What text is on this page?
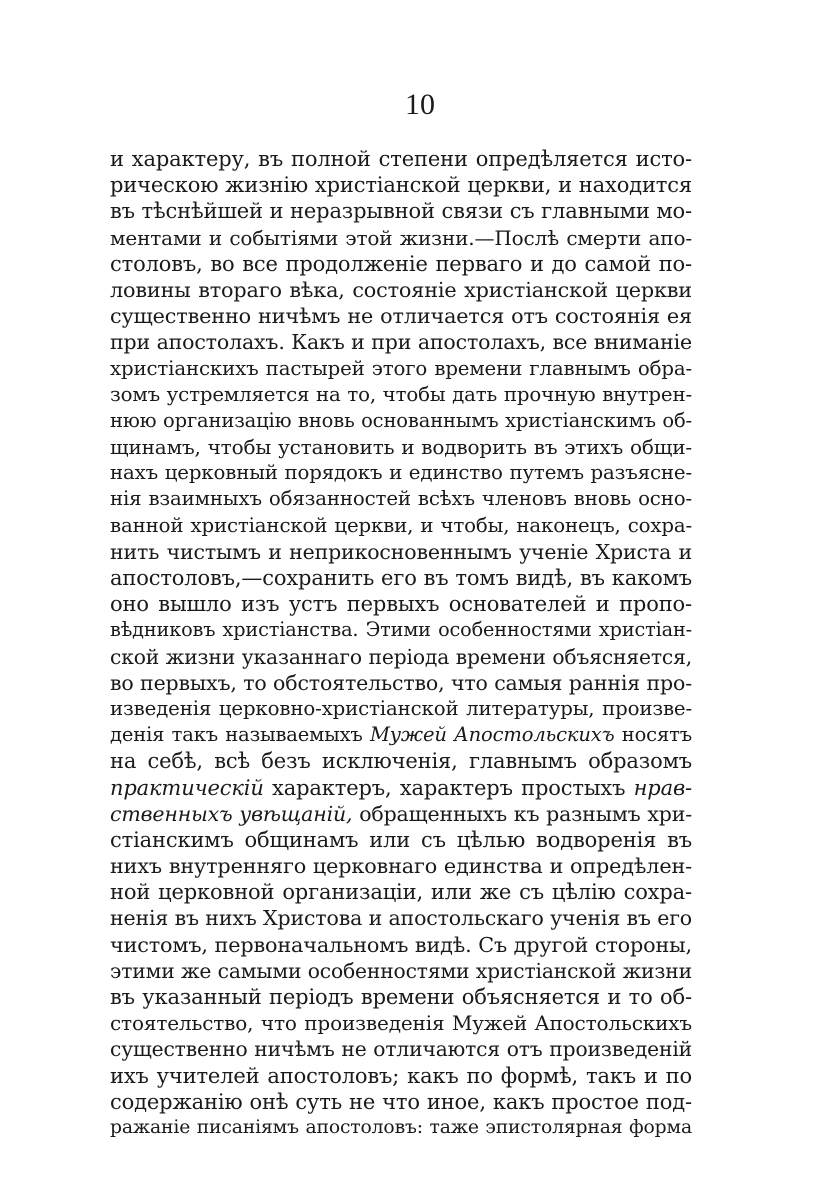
10
и характеру, въ полной степени опредѣляется исто-
рическою жизнію христіанской церкви, и находится
въ тѣснѣйшей и неразрывной связи съ главными мо-
ментами и событіями этой жизни.—Послѣ смерти апо-
столовъ, во все продолженіе перваго и до самой по-
ловины втораго вѣка, состояніе христіанской церкви
существенно ничѣмъ не отличается отъ состоянія ея
при апостолахъ. Какъ и при апостолахъ, все вниманіе
христіанскихъ пастырей этого времени главнымъ обра-
зомъ устремляется на то, чтобы дать прочную внутрен-
нюю организацію вновь основаннымъ христіанскимъ об-
щинамъ, чтобы установить и водворить въ этихъ общи-
нахъ церковный порядокъ и единство путемъ разъясне-
нія взаимныхъ обязанностей всѣхъ членовъ вновь осно-
ванной христіанской церкви, и чтобы, наконецъ, сохра-
нить чистымъ и неприкосновеннымъ ученіе Христа и
апостоловъ,—сохранить его въ томъ видѣ, въ какомъ
оно вышло изъ устъ первыхъ основателей и пропо-
вѣдниковъ христіанства. Этими особенностями христіан-
ской жизни указаннаго періода времени объясняется,
во первыхъ, то обстоятельство, что самыя раннія про-
изведенія церковно-христіанской литературы, произве-
денія такъ называемыхъ Мужей Апостольскихъ носятъ
на себѣ, всѣ безъ исключенія, главнымъ образомъ
практическій характеръ, характеръ простыхъ нрав-
ственныхъ увѣщаній, обращенныхъ къ разнымъ хри-
стіанскимъ общинамъ или съ цѣлью водворенія въ
нихъ внутренняго церковнаго единства и опредѣлен-
ной церковной организаціи, или же съ цѣлію сохра-
ненія въ нихъ Христова и апостольскаго ученія въ его
чистомъ, первоначальномъ видѣ. Съ другой стороны,
этими же самыми особенностями христіанской жизни
въ указанный періодъ времени объясняется и то об-
стоятельство, что произведенія Мужей Апостольскихъ
существенно ничѣмъ не отличаются отъ произведеній
ихъ учителей апостоловъ; какъ по формѣ, такъ и по
содержанію онѣ суть не что иное, какъ простое под-
ражаніе писаніямъ апостоловъ: таже эпистолярная форма
